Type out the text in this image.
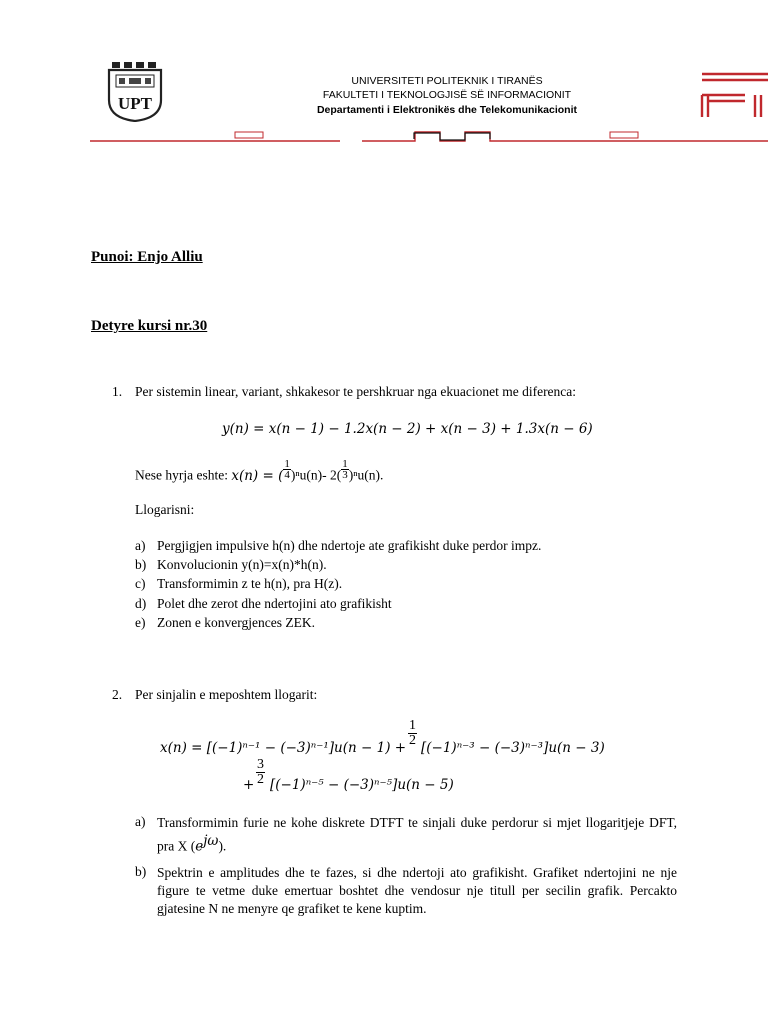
UPT
UNIVERSITETI POLITEKNIK I TIRANËS
FAKULTETI I TEKNOLOGJISË SË INFORMACIONIT
Departamenti i Elektronikës dhe Telekomunikacionit
Punoi: Enjo Alliu
Detyre kursi nr.30
1. Per sistemin linear, variant, shkakesor te pershkruar nga ekuacionet me diferenca:
y(n) = x(n − 1) − 1.2x(n − 2) + x(n − 3) + 1.3x(n − 6)
Nese hyrja eshte: x(n) = ( $\frac{1}{4} )^nu(n)-$ $2( \frac{1}{3} )^nu(n)$.
Llogarisni:
a) Pergjigjen impulsive h(n) dhe ndertoje ate grafikisht duke perdor impz.
b) Konvolucionin y(n)=x(n)*h(n).
c) Transformimin z te h(n), pra H(z).
d) Polet dhe zerot dhe ndertojini ato grafikisht
e) Zonen e konvergjences ZEK.
2. Per sinjalin e meposhtem llogarit:
$x(n) = [(-1)^{n-1} - (-3)^{n-1}]u(n - 1) + \frac{1}{2} [(-1)^{n-3} - (-3)^{n-3}]u(n - 3)$
+ $\frac{3}{2} [(-1)^{n-5} - (-3)^{n-5}]u(n - 5)$
a) Transformimin furie ne kohe diskrete DTFT te sinjali duke perdorur si mjet llogaritjeje DFT, pra X $(e^{j\omega})$.
b) Spektrin e amplitudes dhe te fazes, si dhe ndertoji ato grafikisht. Grafiket ndertojini ne nje figure te vetme duke emertuar boshtet dhe vendosur nje titull per secilin grafik. Percakto gjatesine N ne menyre qe grafiket te kene kuptim.
